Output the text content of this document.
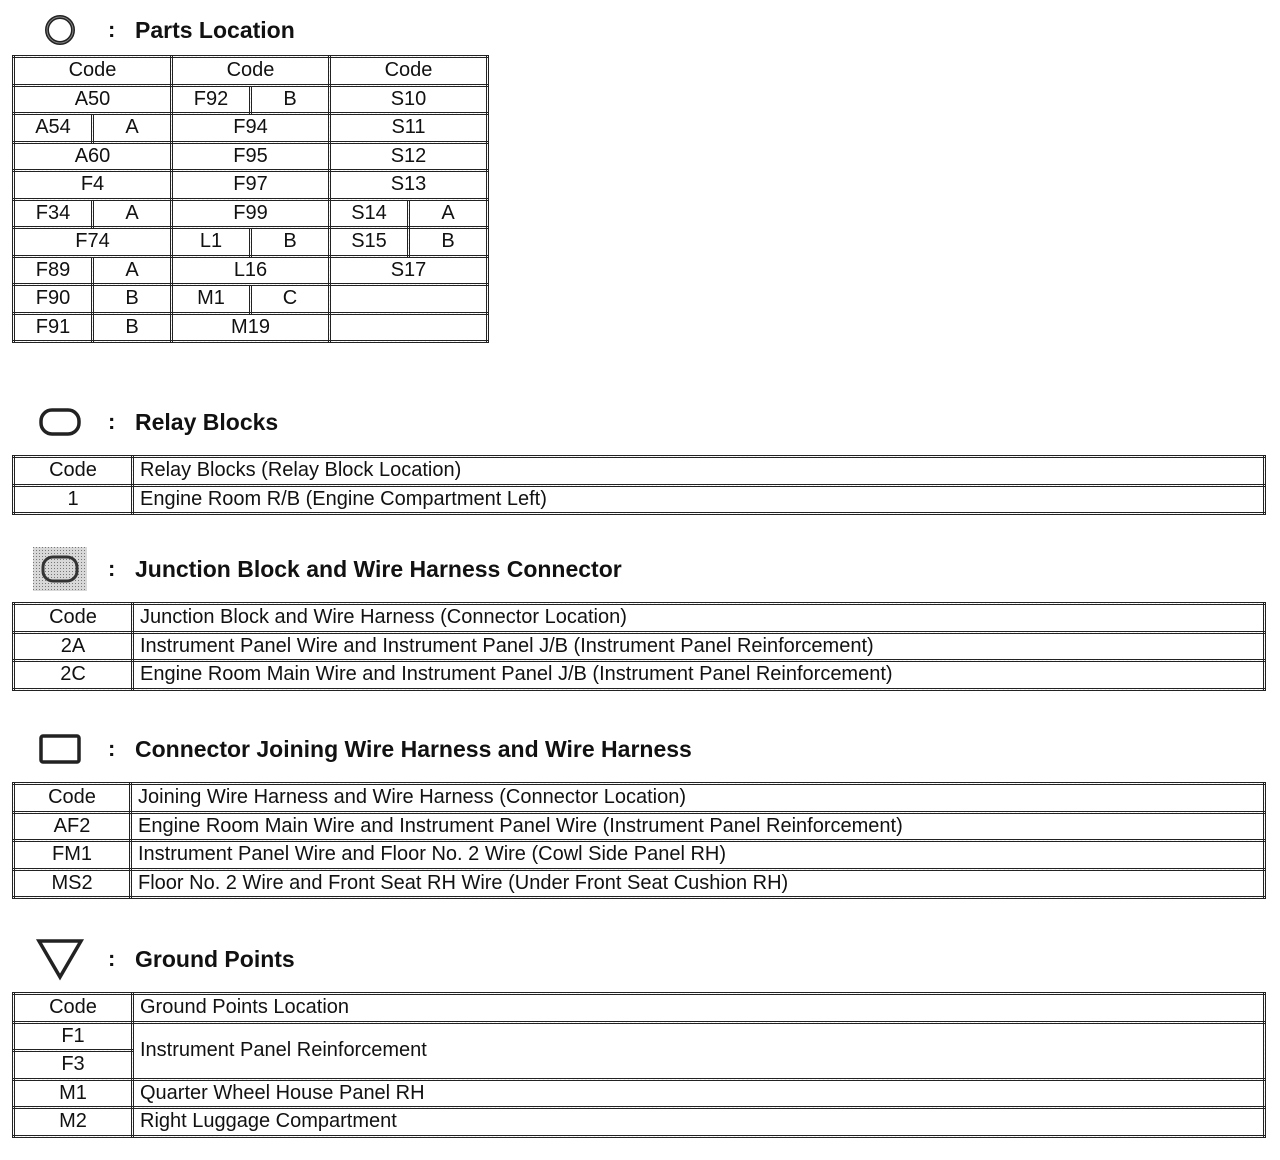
: Parts Location
Code		Code		Code	
A50		F92	B	S10	
A54	A	F94		S11	
A60		F95		S12	
F4		F97		S13	
F34	A	F99		S14	A
F74		L1	B	S15	B
F89	A	L16		S17	
F90	B	M1	C		
F91	B	M19			
: Relay Blocks
Code	Relay Blocks (Relay Block Location)
1	Engine Room R/B (Engine Compartment Left)
: Junction Block and Wire Harness Connector
Code	Junction Block and Wire Harness (Connector Location)
2A	Instrument Panel Wire and Instrument Panel J/B (Instrument Panel Reinforcement)
2C	Engine Room Main Wire and Instrument Panel J/B (Instrument Panel Reinforcement)
: Connector Joining Wire Harness and Wire Harness
Code	Joining Wire Harness and Wire Harness (Connector Location)
AF2	Engine Room Main Wire and Instrument Panel Wire (Instrument Panel Reinforcement)
FM1	Instrument Panel Wire and Floor No. 2 Wire (Cowl Side Panel RH)
MS2	Floor No. 2 Wire and Front Seat RH Wire (Under Front Seat Cushion RH)
: Ground Points
Code	Ground Points Location
F1	Instrument Panel Reinforcement
F3	
M1	Quarter Wheel House Panel RH
M2	Right Luggage Compartment
